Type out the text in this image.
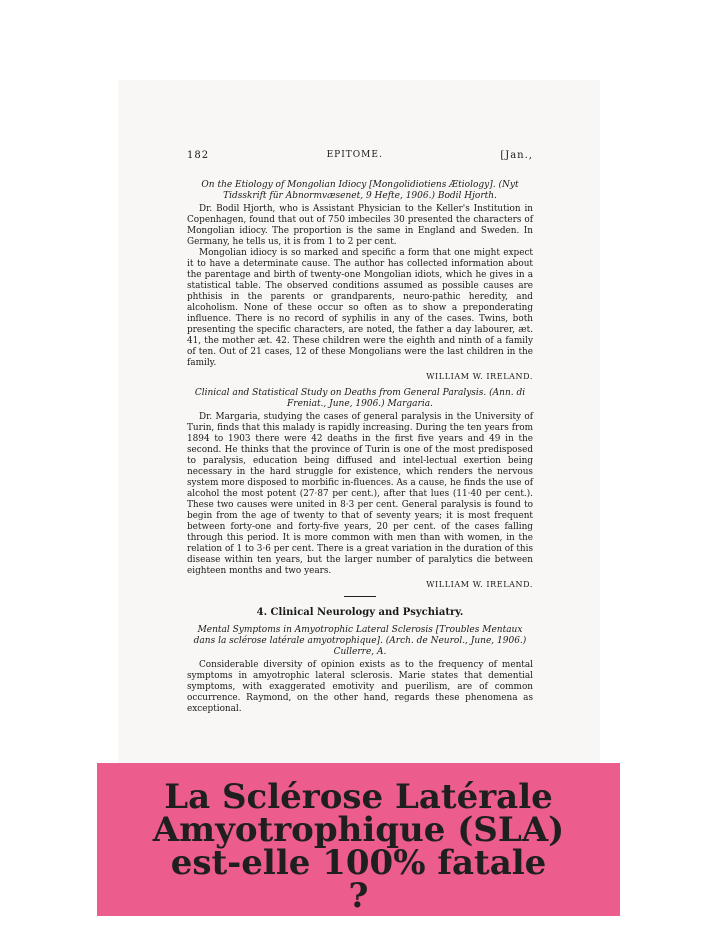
182	EPITOME.	[Jan.,

On the Etiology of Mongolian Idiocy [Mongolidiotiens Ætiology]. (Nyt Tidsskrift für Abnormvæsenet, 9 Hefte, 1906.) Bodil Hjorth.

Dr. Bodil Hjorth, who is Assistant Physician to the Keller's Institution in Copenhagen, found that out of 750 imbeciles 30 presented the characters of Mongolian idiocy. The proportion is the same in England and Sweden. In Germany, he tells us, it is from 1 to 2 per cent.

Mongolian idiocy is so marked and specific a form that one might expect it to have a determinate cause. The author has collected information about the parentage and birth of twenty-one Mongolian idiots, which he gives in a statistical table. The observed conditions assumed as possible causes are phthisis in the parents or grandparents, neuro-pathic heredity, and alcoholism. None of these occur so often as to show a preponderating influence. There is no record of syphilis in any of the cases. Twins, both presenting the specific characters, are noted, the father a day labourer, æt. 41, the mother æt. 42. These children were the eighth and ninth of a family of ten. Out of 21 cases, 12 of these Mongolians were the last children in the family.

WILLIAM W. IRELAND.

Clinical and Statistical Study on Deaths from General Paralysis. (Ann. di Freniat., June, 1906.) Margaria.

Dr. Margaria, studying the cases of general paralysis in the University of Turin, finds that this malady is rapidly increasing. During the ten years from 1894 to 1903 there were 42 deaths in the first five years and 49 in the second. He thinks that the province of Turin is one of the most predisposed to paralysis, education being diffused and intel-lectual exertion being necessary in the hard struggle for existence, which renders the nervous system more disposed to morbific in-fluences. As a cause, he finds the use of alcohol the most potent (27·87 per cent.), after that lues (11·40 per cent.). These two causes were united in 8·3 per cent. General paralysis is found to begin from the age of twenty to that of seventy years; it is most frequent between forty-one and forty-five years, 20 per cent. of the cases falling through this period. It is more common with men than with women, in the relation of 1 to 3·6 per cent. There is a great variation in the duration of this disease within ten years, but the larger number of paralytics die between eighteen months and two years.

WILLIAM W. IRELAND.

4. Clinical Neurology and Psychiatry.

Mental Symptoms in Amyotrophic Lateral Sclerosis [Troubles Mentaux dans la sclérose latérale amyotrophique]. (Arch. de Neurol., June, 1906.) Cullerre, A.

Considerable diversity of opinion exists as to the frequency of mental symptoms in amyotrophic lateral sclerosis. Marie states that demential symptoms, with exaggerated emotivity and puerilism, are of common occurrence. Raymond, on the other hand, regards these phenomena as exceptional.

La Sclérose Latérale
Amyotrophique (SLA)
est-elle 100% fatale
?
